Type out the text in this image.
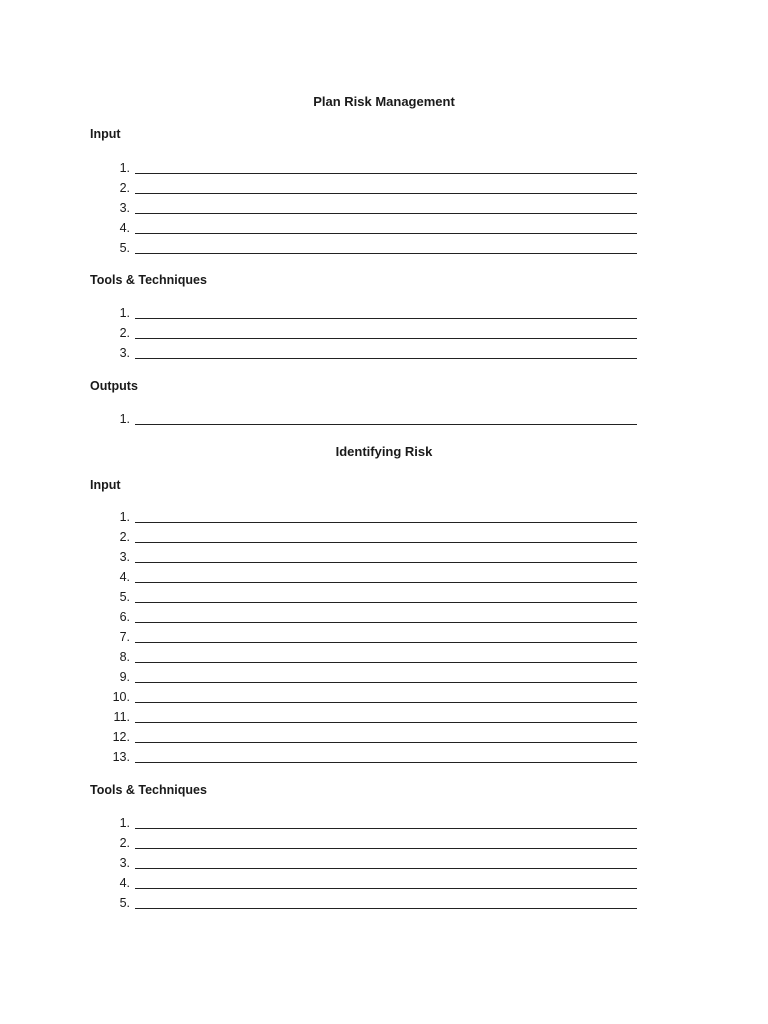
Plan Risk Management
Input
1.
2.
3.
4.
5.
Tools & Techniques
1.
2.
3.
Outputs
1.
Identifying Risk
Input
1.
2.
3.
4.
5.
6.
7.
8.
9.
10.
11.
12.
13.
Tools & Techniques
1.
2.
3.
4.
5.
